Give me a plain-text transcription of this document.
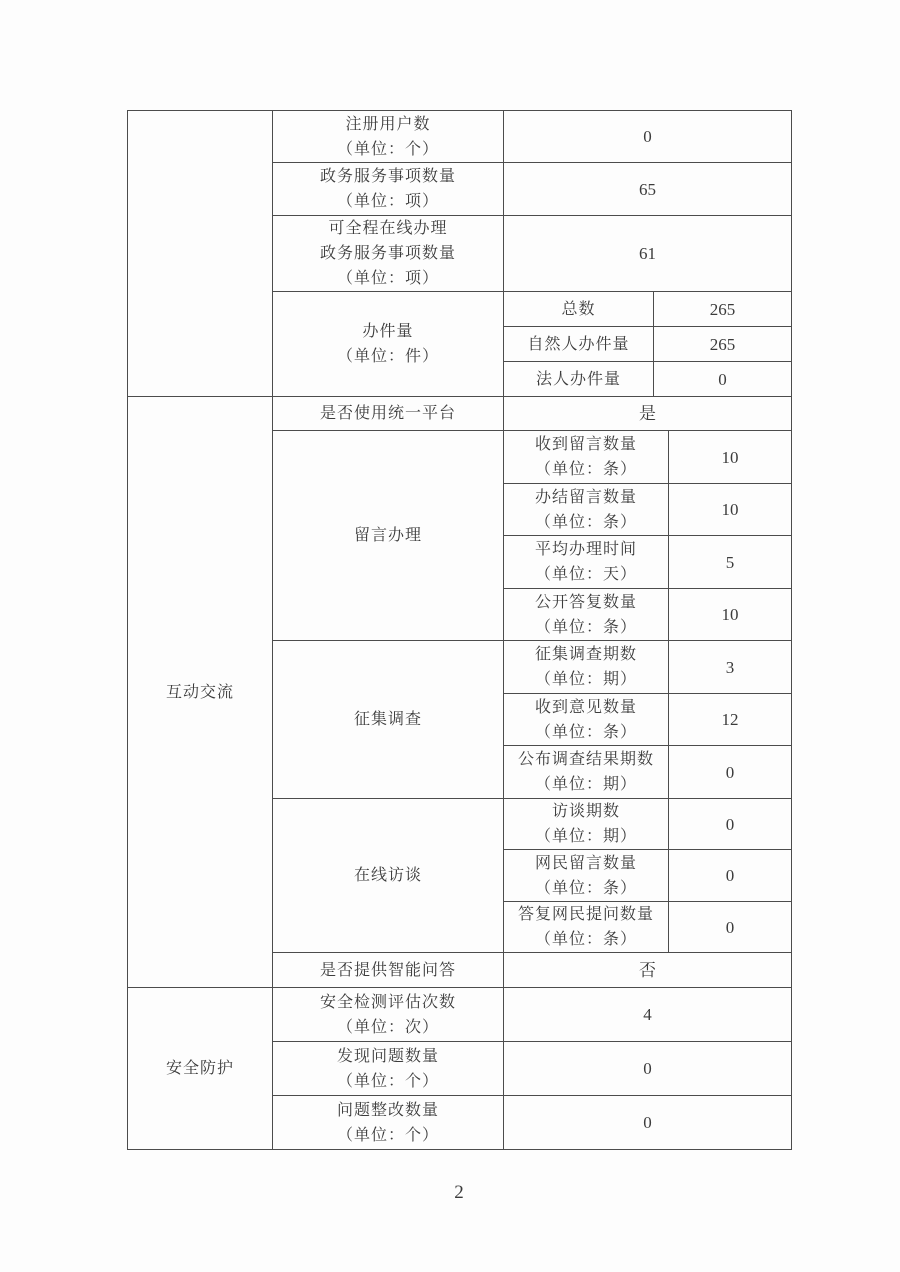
	注册用户数
（单位：个）	0	

	政务服务事项数量
（单位：项）	65	

	可全程在线办理
政务服务事项数量
（单位：项）	61	

	办件量
（单位：件）	总数	265
		自然人办件量	265
		法人办件量	0
互动交流	是否使用统一平台	是	
	留言办理	收到留言数量
（单位：条）	10

		办结留言数量
（单位：条）	10

		平均办理时间
（单位：天）	5

		公开答复数量
（单位：条）	10
	征集调查	征集调查期数
（单位：期）	3

		收到意见数量
（单位：条）	12

		公布调查结果期数
（单位：期）	0
	在线访谈	访谈期数
（单位：期）	0

		网民留言数量
（单位：条）	0

		答复网民提问数量
（单位：条）	0
	是否提供智能问答	否	
安全防护	安全检测评估次数
（单位：次）	4

	发现问题数量
（单位：个）	0

	问题整改数量
（单位：个）	0
2
